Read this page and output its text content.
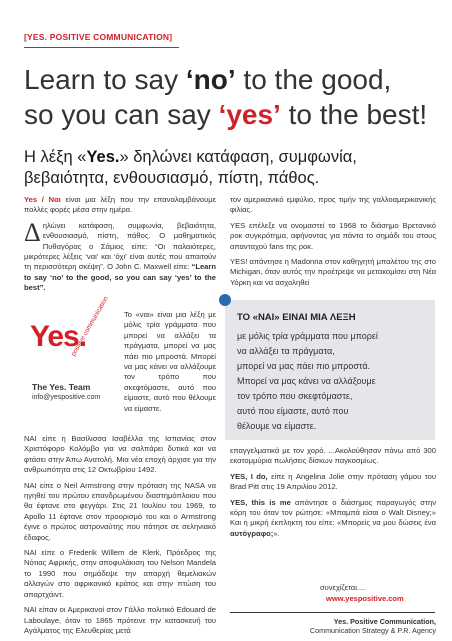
[YES. POSITIVE COMMUNICATION]
Learn to say ‘no’ to the good,
so you can say ‘yes’ to the best!
Η λέξη «Yes.» δηλώνει κατάφαση, συμφωνία, βεβαιότητα, ενθουσιασμό, πίστη, πάθος.

Yes / Ναι είναι μια λέξη που την επαναλαμβάνουμε πολλές φορές μέσα στην ημέρα.

Δηλώνει κατάφαση, συμφωνία, βεβαιότητα, ενθουσιασμό, πίστη, πάθος. Ο μαθηματικός Πυθαγόρας ο Σάμιος είπε: “Οι παλαιότερες, μικρότερες λέξεις ‘ναι’ και ‘όχι’ είναι αυτές που απαιτούν τη περισσότερη σκέψη”. Ο John C. Maxwell είπε: “Learn to say ‘no’ to the good, so you can say ‘yes’ to the best”.

Yes.
positive communication
The Yes. Team
info@yespositive.com

Το «ναι» είναι μια λέξη με μόλις τρία γράμματα που μπορεί να αλλάξει τα πράγματα, μπορεί να μας πάει πιο μπροστά. Μπορεί να μας κάνει να αλλάξουμε τον τρόπο που σκεφτόμαστε, αυτό που είμαστε, αυτό που θέλουμε να είμαστε.

ΝΑΙ είπε η Βασίλισσα Ισαβέλλα της Ισπανίας στον Χριστόφορο Κολόμβο για να σαλπάρει δυτικά και να φτάσει στην Άπω Ανατολή. Μια νέα εποχή άρχισε για την ανθρωπότητα στις 12 Οκτωβρίου 1492.

ΝΑΙ είπε ο Neil Armstrong στην πρόταση της NASA να ηγηθεί του πρώτου επανδρωμένου διαστημόπλοιου που θα έφτανε στο φεγγάρι. Στις 21 Ιουλίου του 1969, το Apollo 11 έφτανε στον προορισμό του και ο Armstrong έγινε ο πρώτος αστροναύτης που πάτησε σε σεληνιακό έδαφος.

ΝΑΙ είπε ο Frederik Willem de Klerk, Πρόεδρος της Νότιας Αφρικής, στην αποφυλάκιση του Nelson Mandela το 1990 που σημάδεψε την απαρχή θεμελιακών αλλαγών στο αφρικανικό κράτος και στην πτώση του απαρτχάιντ.

ΝΑΙ είπαν οι Αμερικανοί στον Γάλλο πολιτικό Edouard de Laboulaye, όταν το 1865 πρότεινε την κατασκευή του Αγάλματος της Ελευθερίας μετά

τον αμερικανικό εμφύλιο, προς τιμήν της γαλλοαμερικανικής φιλίας.

YES επέλεξε να ονομαστεί το 1968 το διάσημο Βρετανικό ροκ συγκρότημα, αφήνοντας για πάντα το σημάδι του στους απανταχού fans της ροκ.

YES! απάντησε η Madonna στον καθηγητή μπαλέτου της στο Michigan, όταν αυτός την προέτρεψε να μετακομίσει στη Νέα Υόρκη και να ασχοληθεί

ΤΟ «ΝΑΙ» ΕΙΝΑΙ ΜΙΑ ΛΕΞΗ
με μόλις τρία γράμματα που μπορεί
να αλλάξει τα πράγματα,
μπορεί να μας πάει πιο μπροστά.
Μπορεί να μας κάνει να αλλάξουμε
τον τρόπο που σκεφτόμαστε,
αυτό που είμαστε, αυτό που
θέλουμε να είμαστε.

επαγγελματικά με τον χορό. ...Ακολούθησαν πάνω από 300 εκατομμύρια πωλήσεις δίσκων παγκοσμίως.

YES, I do, είπε η Angelina Jolie στην πρόταση γάμου του Brad Pitt στις 19 Απριλίου 2012.

YES, this is me απάντησε ο διάσημος παραγωγός στην κόρη του όταν τον ρώτησε: «Μπαμπά είσαι ο Walt Disney;» Και η μικρή έκπληκτη του είπε: «Μπορείς να μου δώσεις ένα αυτόγραφο;».

συνεχίζεται....
www.yespositive.com
Yes. Positive Communication,
Communication Strategy & P.R. Agency
